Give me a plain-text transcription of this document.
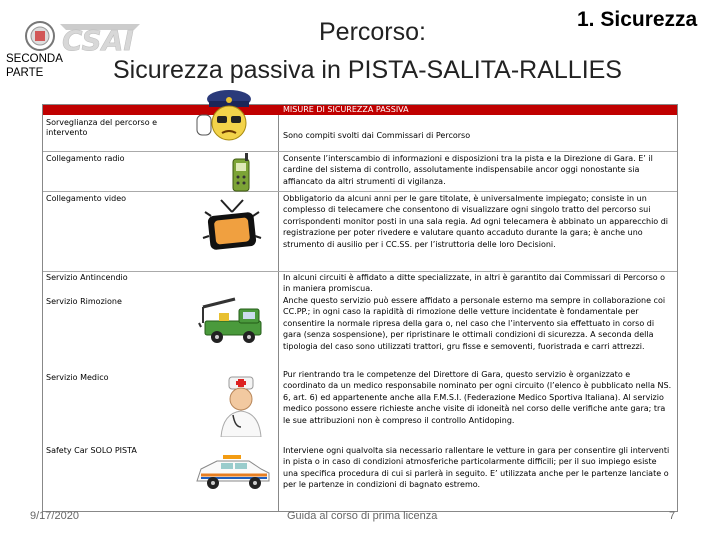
CSAI
SECONDA
PARTE
1. Sicurezza
Percorso:
Sicurezza passiva in PISTA-SALITA-RALLIES
MISURE DI SICUREZZA PASSIVA
Sorveglianza del percorso e intervento
Collegamento radio
Collegamento video
Servizio Antincendio
Servizio Rimozione
Servizio Medico
Safety Car SOLO PISTA
Sono compiti svolti dai Commissari di Percorso
Consente l’interscambio di informazioni e disposizioni tra la pista e la Direzione di Gara. E’ il cardine del sistema di controllo, assolutamente indispensabile ancor oggi nonostante sia affiancato da altri strumenti di vigilanza.
Obbligatorio da alcuni anni per le gare titolate, è universalmente impiegato; consiste in un complesso di telecamere che consentono di visualizzare ogni singolo tratto del percorso sui corrispondenti monitor posti in una sala regia. Ad ogni telecamera è abbinato un apparecchio di registrazione per poter rivedere e valutare quanto accaduto durante la gara; è anche uno strumento di ausilio per i CC.SS. per l’istruttoria delle loro Decisioni.
In alcuni circuiti è affidato a ditte specializzate, in altri è garantito dai Commissari di Percorso o in maniera promiscua.
Anche questo servizio può essere affidato a personale esterno ma sempre in collaborazione coi CC.PP.; in ogni caso la rapidità di rimozione delle vetture incidentate è fondamentale per consentire la normale ripresa della gara o, nel caso che l’intervento sia effettuato in corso di gara (senza sospensione), per ripristinare le ottimali condizioni di sicurezza. A seconda della tipologia del caso sono utilizzati trattori, gru fisse e semoventi, fuoristrada e carri attrezzi.
Pur rientrando tra le competenze del Direttore di Gara, questo servizio è organizzato e coordinato da un medico responsabile nominato per ogni circuito (l’elenco è pubblicato nella NS. 6, art. 6) ed appartenente anche alla F.M.S.I. (Federazione Medico Sportiva Italiana). Al servizio medico possono essere richieste anche visite di idoneità nel corso delle verifiche ante gara; tra le sue attribuzioni non è compreso il controllo Antidoping.
Interviene ogni qualvolta sia necessario rallentare le vetture in gara per consentire gli interventi in pista o in caso di condizioni atmosferiche particolarmente difficili; per il suo impiego esiste una specifica procedura di cui si parlerà in seguito. E’ utilizzata anche per le partenze lanciate o per le partenze in condizioni di bagnato estremo.
9/17/2020	Guida al corso di prima licenza	7
